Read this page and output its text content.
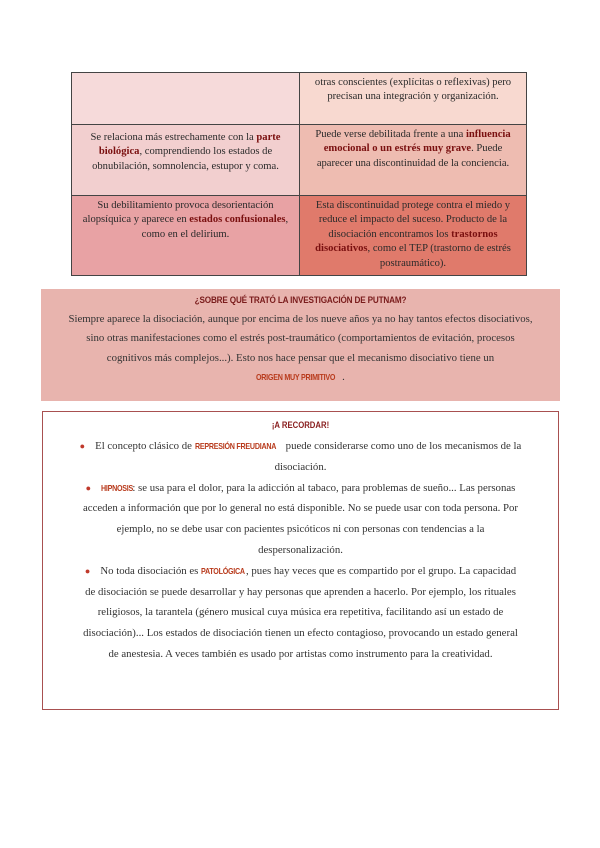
	otras conscientes (explícitas o reflexivas) pero precisan una integración y organización.
Se relaciona más estrechamente con la parte biológica, comprendiendo los estados de obnubilación, somnolencia, estupor y coma.	Puede verse debilitada frente a una influencia emocional o un estrés muy grave. Puede aparecer una discontinuidad de la conciencia.
Su debilitamiento provoca desorientación alopsíquica y aparece en estados confusionales, como en el delirium.	Esta discontinuidad protege contra el miedo y reduce el impacto del suceso. Producto de la disociación encontramos los trastornos disociativos, como el TEP (trastorno de estrés postraumático).
¿SOBRE QUÉ TRATÓ LA INVESTIGACIÓN DE PUTNAM?

Siempre aparece la disociación, aunque por encima de los nueve años ya no hay tantos efectos disociativos, sino otras manifestaciones como el estrés post-traumático (comportamientos de evitación, procesos cognitivos más complejos...). Esto nos hace pensar que el mecanismo disociativo tiene un ORIGEN MUY PRIMITIVO .

¡A RECORDAR!
● El concepto clásico de REPRESIÓN FREUDIANA puede considerarse como uno de los mecanismos de la disociación.
● HIPNOSIS: se usa para el dolor, para la adicción al tabaco, para problemas de sueño... Las personas acceden a información que por lo general no está disponible. No se puede usar con toda persona. Por ejemplo, no se debe usar con pacientes psicóticos ni con personas con tendencias a la despersonalización.
● No toda disociación es PATOLÓGICA, pues hay veces que es compartido por el grupo. La capacidad de disociación se puede desarrollar y hay personas que aprenden a hacerlo. Por ejemplo, los rituales religiosos, la tarantela (género musical cuya música era repetitiva, facilitando así un estado de disociación)... Los estados de disociación tienen un efecto contagioso, provocando un estado general de anestesia. A veces también es usado por artistas como instrumento para la creatividad.
